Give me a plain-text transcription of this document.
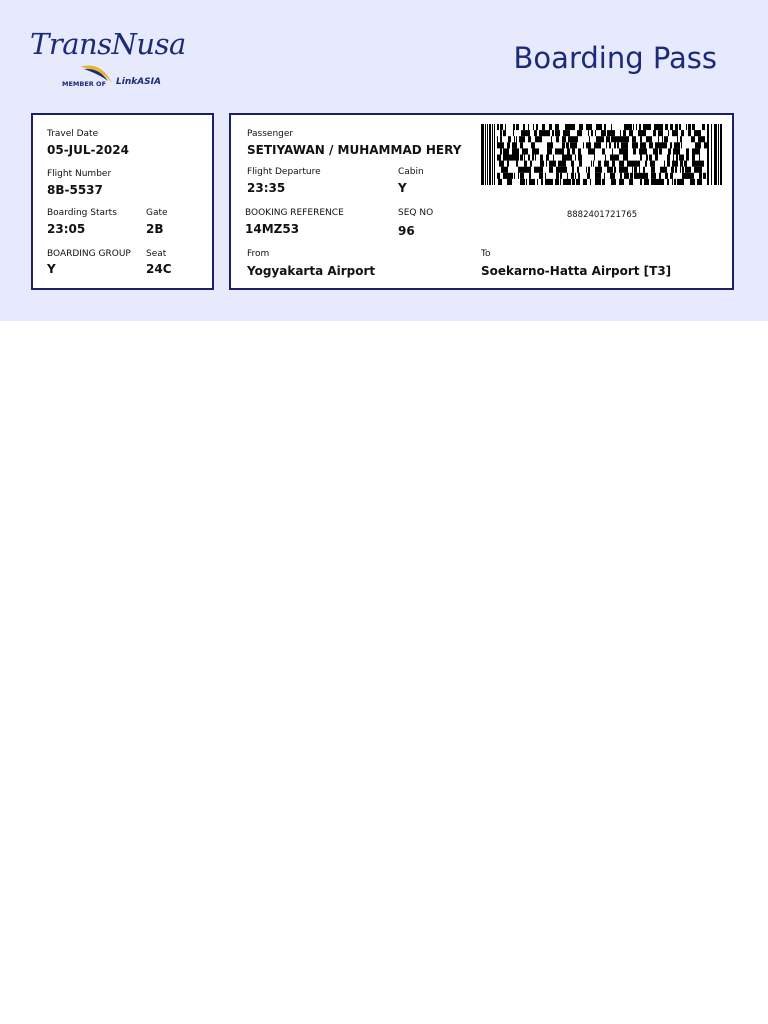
TransNusa
MEMBER OF LinkASIA
Boarding Pass
Travel Date
05-JUL-2024
Flight Number
8B-5537
Boarding Starts
23:05
Gate
2B
BOARDING GROUP
Y
Seat
24C
Passenger
SETIYAWAN / MUHAMMAD HERY
Flight Departure
23:35
Cabin
Y
BOOKING REFERENCE
14MZ53
SEQ NO
96
From
Yogyakarta Airport
To
Soekarno-Hatta Airport [T3]
8882401721765
